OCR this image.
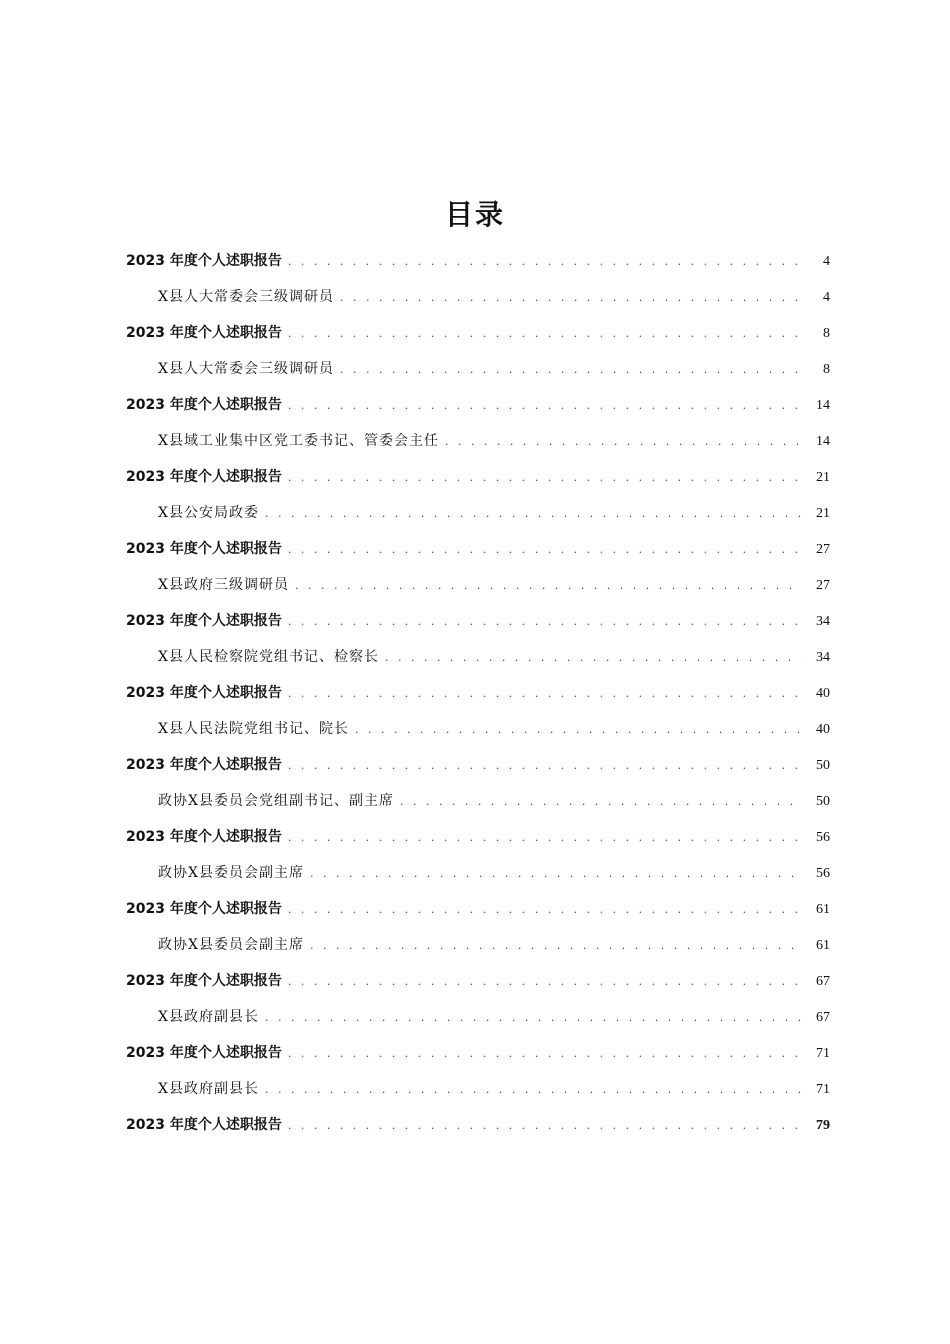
目录
2023 年度个人述职报告 . . .	4
X县人大常委会三级调研员 . . .	4
2023 年度个人述职报告 . . .	8
X县人大常委会三级调研员 . . .	8
2023 年度个人述职报告 . . .	14
X县域工业集中区党工委书记、管委会主任 . . .	14
2023 年度个人述职报告 . . .	21
X县公安局政委 . . .	21
2023 年度个人述职报告 . . .	27
X县政府三级调研员 . . .	27
2023 年度个人述职报告 . . .	34
X县人民检察院党组书记、检察长 . . .	34
2023 年度个人述职报告 . . .	40
X县人民法院党组书记、院长 . . .	40
2023 年度个人述职报告 . . .	50
政协X县委员会党组副书记、副主席 . . .	50
2023 年度个人述职报告 . . .	56
政协X县委员会副主席 . . .	56
2023 年度个人述职报告 . . .	61
政协X县委员会副主席 . . .	61
2023 年度个人述职报告 . . .	67
X县政府副县长 . . .	67
2023 年度个人述职报告 . . .	71
X县政府副县长 . . .	71
2023 年度个人述职报告 . . .	79
